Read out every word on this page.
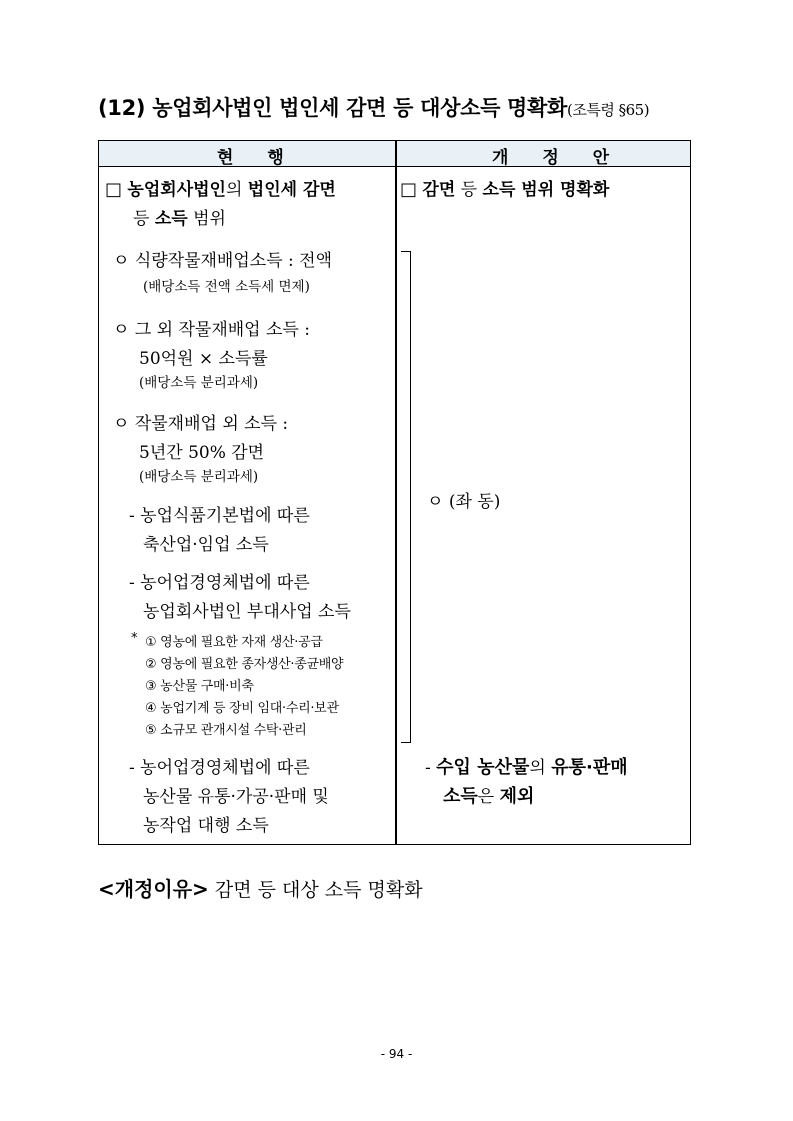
(12) 농업회사법인 법인세 감면 등 대상소득 명확화(조특령 §65)
현 행	개 정 안
□ 농업회사법인의 법인세 감면
등 소득 범위
ㅇ 식량작물재배업소득 : 전액
(배당소득 전액 소득세 면제)
ㅇ 그 외 작물재배업 소득 :
50억원 × 소득률
(배당소득 분리과세)
ㅇ 작물재배업 외 소득 :
5년간 50% 감면
(배당소득 분리과세)
- 농업식품기본법에 따른
축산업·임업 소득
- 농어업경영체법에 따른
농업회사법인 부대사업 소득
* ① 영농에 필요한 자재 생산·공급
② 영농에 필요한 종자생산·종균배양
③ 농산물 구매·비축
④ 농업기계 등 장비 임대·수리·보관
⑤ 소규모 관개시설 수탁·관리
- 농어업경영체법에 따른
농산물 유통·가공·판매 및
농작업 대행 소득
□ 감면 등 소득 범위 명확화
ㅇ (좌 동)
- 수입 농산물의 유통·판매
소득은 제외
<개정이유> 감면 등 대상 소득 명확화
- 94 -
